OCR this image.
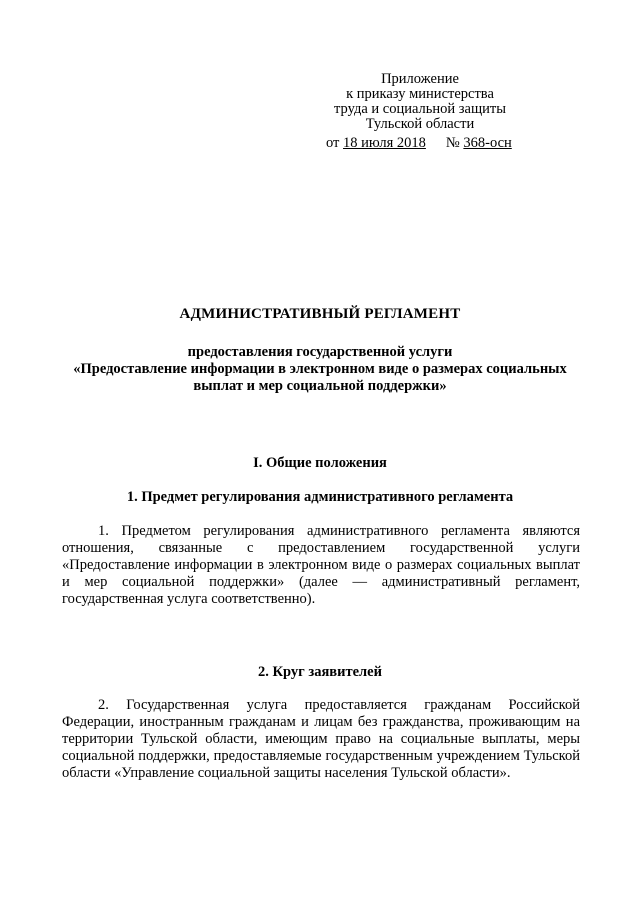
Приложение
к приказу министерства
труда и социальной защиты
Тульской области
от 18 июля 2018 № 368-осн
АДМИНИСТРАТИВНЫЙ РЕГЛАМЕНТ
предоставления государственной услуги
«Предоставление информации в электронном виде о размерах социальных
выплат и мер социальной поддержки»
I. Общие положения
1. Предмет регулирования административного регламента
1. Предметом регулирования административного регламента являются отношения, связанные с предоставлением государственной услуги «Предоставление информации в электронном виде о размерах социальных выплат и мер социальной поддержки» (далее — административный регламент, государственная услуга соответственно).
2. Круг заявителей
2. Государственная услуга предоставляется гражданам Российской Федерации, иностранным гражданам и лицам без гражданства, проживающим на территории Тульской области, имеющим право на социальные выплаты, меры социальной поддержки, предоставляемые государственным учреждением Тульской области «Управление социальной защиты населения Тульской области».
